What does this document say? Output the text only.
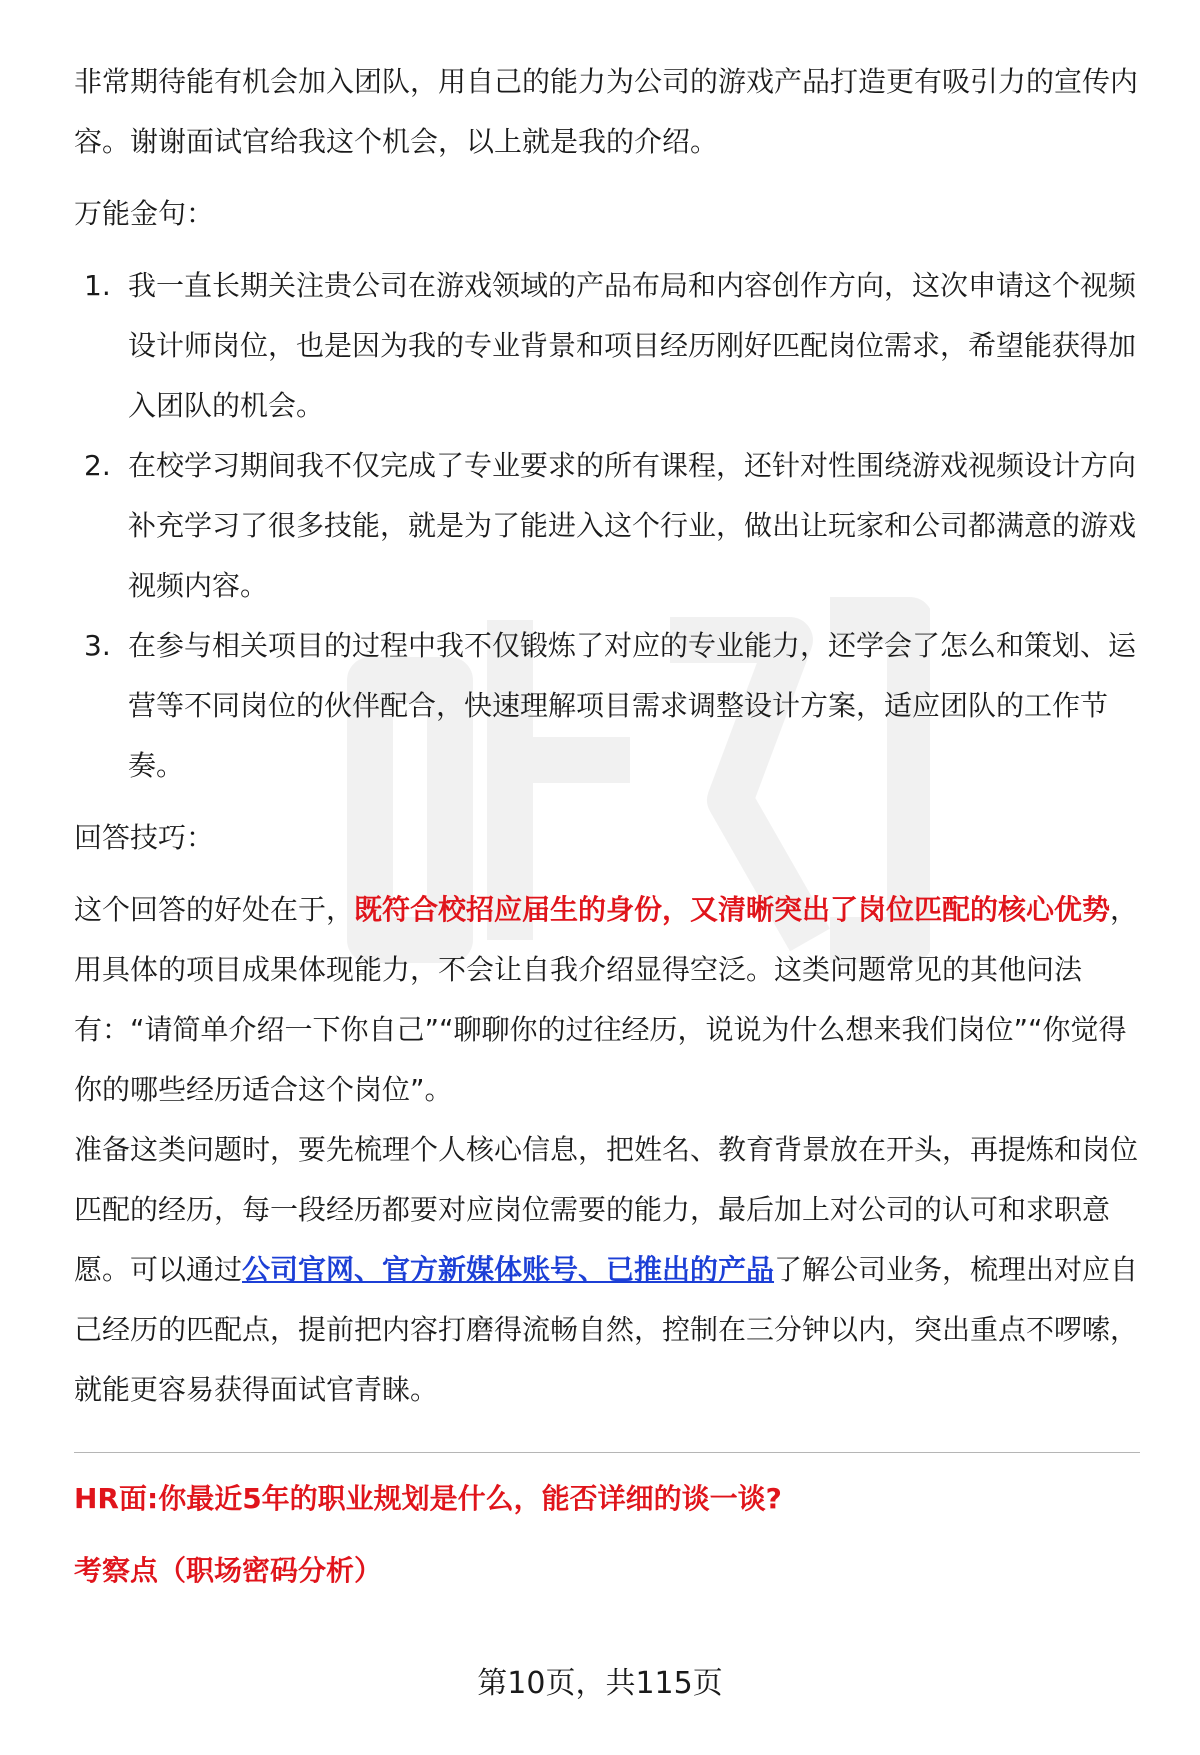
非常期待能有机会加入团队，用自己的能力为公司的游戏产品打造更有吸引力的宣传内容。谢谢面试官给我这个机会，以上就是我的介绍。

万能金句：

1. 我一直长期关注贵公司在游戏领域的产品布局和内容创作方向，这次申请这个视频设计师岗位，也是因为我的专业背景和项目经历刚好匹配岗位需求，希望能获得加入团队的机会。
2. 在校学习期间我不仅完成了专业要求的所有课程，还针对性围绕游戏视频设计方向补充学习了很多技能，就是为了能进入这个行业，做出让玩家和公司都满意的游戏视频内容。
3. 在参与相关项目的过程中我不仅锻炼了对应的专业能力，还学会了怎么和策划、运营等不同岗位的伙伴配合，快速理解项目需求调整设计方案，适应团队的工作节奏。

回答技巧：

这个回答的好处在于，既符合校招应届生的身份，又清晰突出了岗位匹配的核心优势，用具体的项目成果体现能力，不会让自我介绍显得空泛。这类问题常见的其他问法有：“请简单介绍一下你自己”“聊聊你的过往经历，说说为什么想来我们岗位”“你觉得你的哪些经历适合这个岗位”。

准备这类问题时，要先梳理个人核心信息，把姓名、教育背景放在开头，再提炼和岗位匹配的经历，每一段经历都要对应岗位需要的能力，最后加上对公司的认可和求职意愿。可以通过公司官网、官方新媒体账号、已推出的产品了解公司业务，梳理出对应自己经历的匹配点，提前把内容打磨得流畅自然，控制在三分钟以内，突出重点不啰嗦，就能更容易获得面试官青睐。

HR面:你最近5年的职业规划是什么，能否详细的谈一谈?

考察点（职场密码分析）

第10页，共115页
